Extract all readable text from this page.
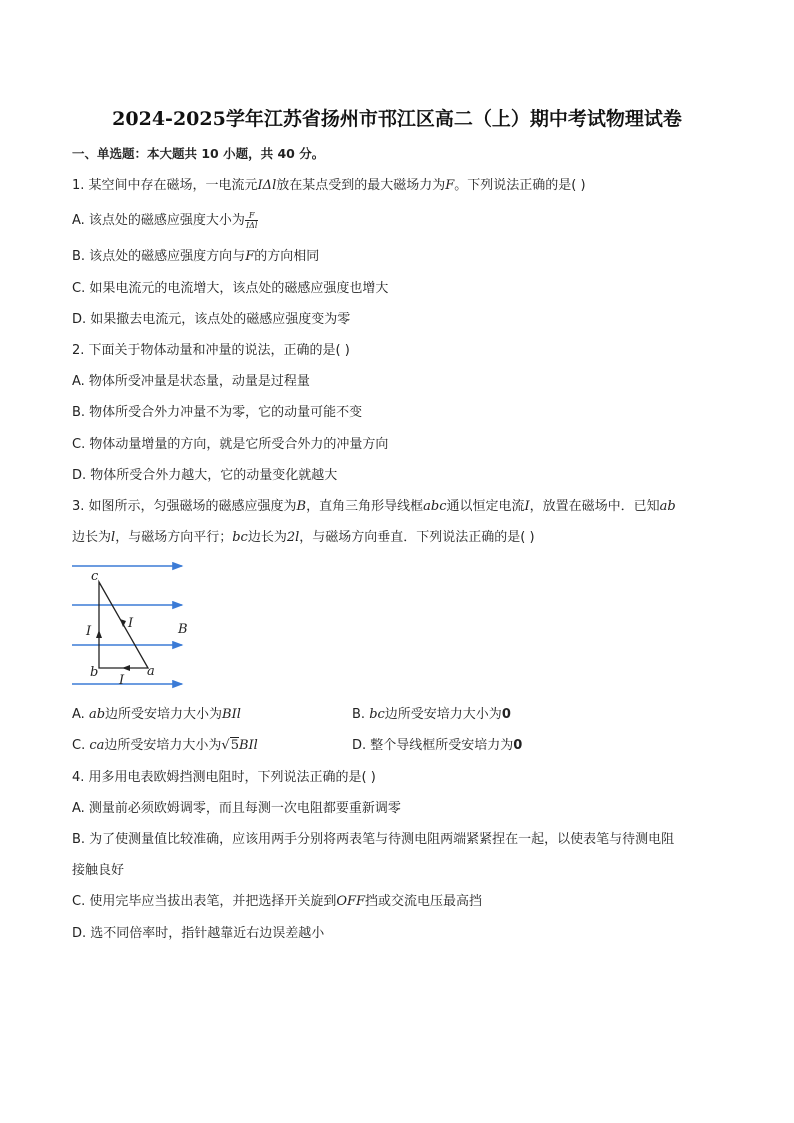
2024-2025学年江苏省扬州市邗江区高二（上）期中考试物理试卷
一、单选题：本大题共 10 小题，共 40 分。
1. 某空间中存在磁场，一电流元IΔl放在某点受到的最大磁场力为F。下列说法正确的是( )
A. 该点处的磁感应强度大小为 $\frac{F}{\text{IΔl}}$
B. 该点处的磁感应强度方向与F的方向相同
C. 如果电流元的电流增大，该点处的磁感应强度也增大
D. 如果撤去电流元，该点处的磁感应强度变为零
2. 下面关于物体动量和冲量的说法，正确的是( )
A. 物体所受冲量是状态量，动量是过程量
B. 物体所受合外力冲量不为零，它的动量可能不变
C. 物体动量增量的方向，就是它所受合外力的冲量方向
D. 物体所受合外力越大，它的动量变化就越大
3. 如图所示，匀强磁场的磁感应强度为B，直角三角形导线框abc通以恒定电流I，放置在磁场中．已知ab
边长为l，与磁场方向平行；bc边长为2l，与磁场方向垂直．下列说法正确的是( )
c
b	a
I
I
I
B
A. ab边所受安培力大小为BIl	B. bc边所受安培力大小为0
C. ca边所受安培力大小为√5BIl	D. 整个导线框所受安培力为0
4. 用多用电表欧姆挡测电阻时，下列说法正确的是( )
A. 测量前必须欧姆调零，而且每测一次电阻都要重新调零
B. 为了使测量值比较准确，应该用两手分别将两表笔与待测电阻两端紧紧捏在一起，以使表笔与待测电阻
接触良好
C. 使用完毕应当拔出表笔，并把选择开关旋到OFF挡或交流电压最高挡
D. 选不同倍率时，指针越靠近右边误差越小
